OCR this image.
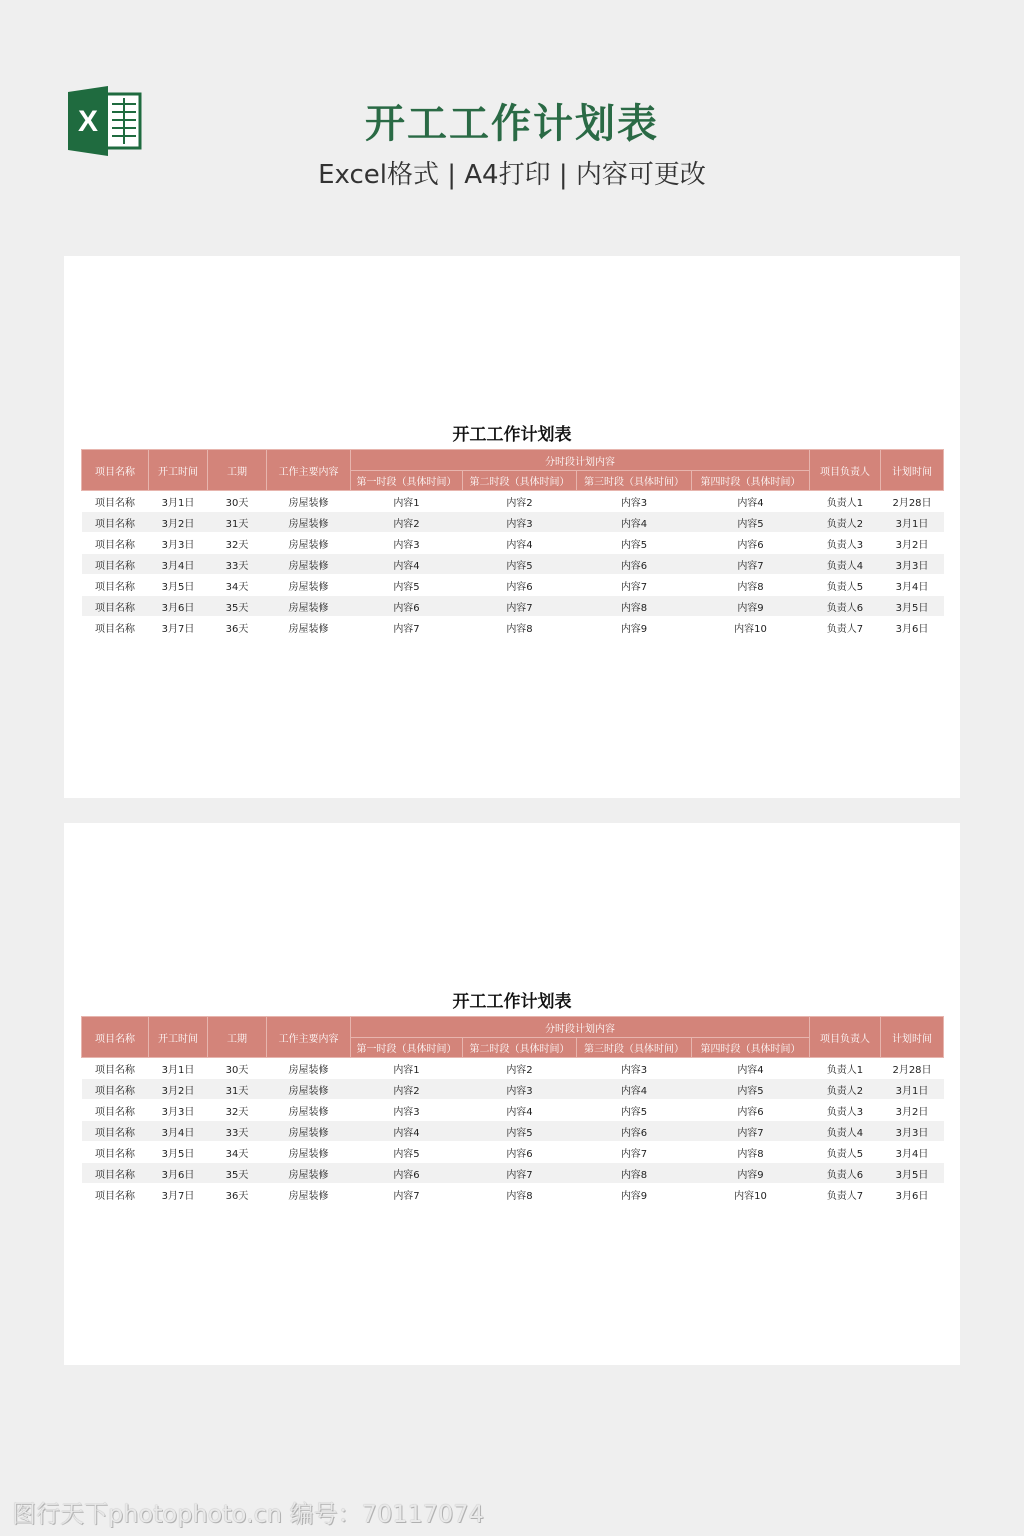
X	开工工作计划表
Excel格式 | A4打印 | 内容可更改
开工工作计划表
项目名称	开工时间	工期	工作主要内容	分时段计划内容				项目负责人	计划时间
				第一时段（具体时间）	第二时段（具体时间）	第三时段（具体时间）	第四时段（具体时间）		
项目名称	3月1日	30天	房屋装修	内容1	内容2	内容3	内容4	负责人1	2月28日
项目名称	3月2日	31天	房屋装修	内容2	内容3	内容4	内容5	负责人2	3月1日
项目名称	3月3日	32天	房屋装修	内容3	内容4	内容5	内容6	负责人3	3月2日
项目名称	3月4日	33天	房屋装修	内容4	内容5	内容6	内容7	负责人4	3月3日
项目名称	3月5日	34天	房屋装修	内容5	内容6	内容7	内容8	负责人5	3月4日
项目名称	3月6日	35天	房屋装修	内容6	内容7	内容8	内容9	负责人6	3月5日
项目名称	3月7日	36天	房屋装修	内容7	内容8	内容9	内容10	负责人7	3月6日
开工工作计划表
项目名称	开工时间	工期	工作主要内容	分时段计划内容				项目负责人	计划时间
				第一时段（具体时间）	第二时段（具体时间）	第三时段（具体时间）	第四时段（具体时间）		
项目名称	3月1日	30天	房屋装修	内容1	内容2	内容3	内容4	负责人1	2月28日
项目名称	3月2日	31天	房屋装修	内容2	内容3	内容4	内容5	负责人2	3月1日
项目名称	3月3日	32天	房屋装修	内容3	内容4	内容5	内容6	负责人3	3月2日
项目名称	3月4日	33天	房屋装修	内容4	内容5	内容6	内容7	负责人4	3月3日
项目名称	3月5日	34天	房屋装修	内容5	内容6	内容7	内容8	负责人5	3月4日
项目名称	3月6日	35天	房屋装修	内容6	内容7	内容8	内容9	负责人6	3月5日
项目名称	3月7日	36天	房屋装修	内容7	内容8	内容9	内容10	负责人7	3月6日
图行天下photophoto.cn 编号：70117074
